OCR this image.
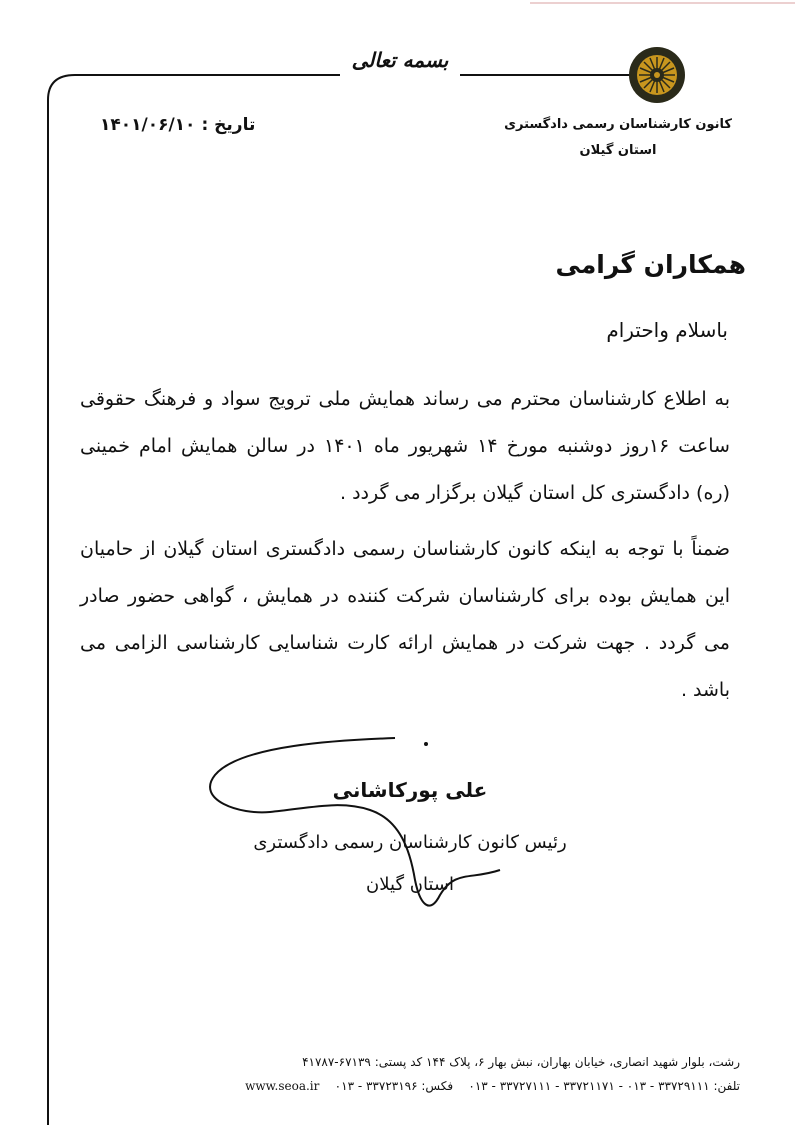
بسمه تعالی
کانون کارشناسان رسمی دادگستری
استان گیلان
تاریخ :۱۴۰۱/۰۶/۱۰
همکاران گرامی
باسلام واحترام
به اطلاع کارشناسان محترم می رساند همایش ملی ترویج سواد و فرهنگ حقوقی ساعت ۱۶روز دوشنبه مورخ ۱۴ شهریور ماه ۱۴۰۱ در سالن همایش امام خمینی (ره) دادگستری کل استان گیلان برگزار می گردد .
ضمناً با توجه به اینکه کانون کارشناسان رسمی دادگستری استان گیلان از حامیان این همایش بوده برای کارشناسان شرکت کننده در همایش ، گواهی حضور صادر می گردد . جهت شرکت در همایش ارائه کارت شناسایی کارشناسی الزامی می باشد .
علی پورکاشانی
رئیس کانون کارشناسان رسمی دادگستری
استان گیلان
رشت، بلوار شهید انصاری، خیابان بهاران، نبش بهار ۶، پلاک ۱۴۴ کد پستی: ۶۷۱۳۹-۴۱۷۸۷
تلفن: ۳۳۷۲۹۱۱۱ - ۰۱۳ - ۳۳۷۲۱۱۷۱ - ۳۳۷۲۷۱۱۱ - ۰۱۳    فکس: ۳۳۷۲۳۱۹۶ - ۰۱۳    www.seoa.ir
